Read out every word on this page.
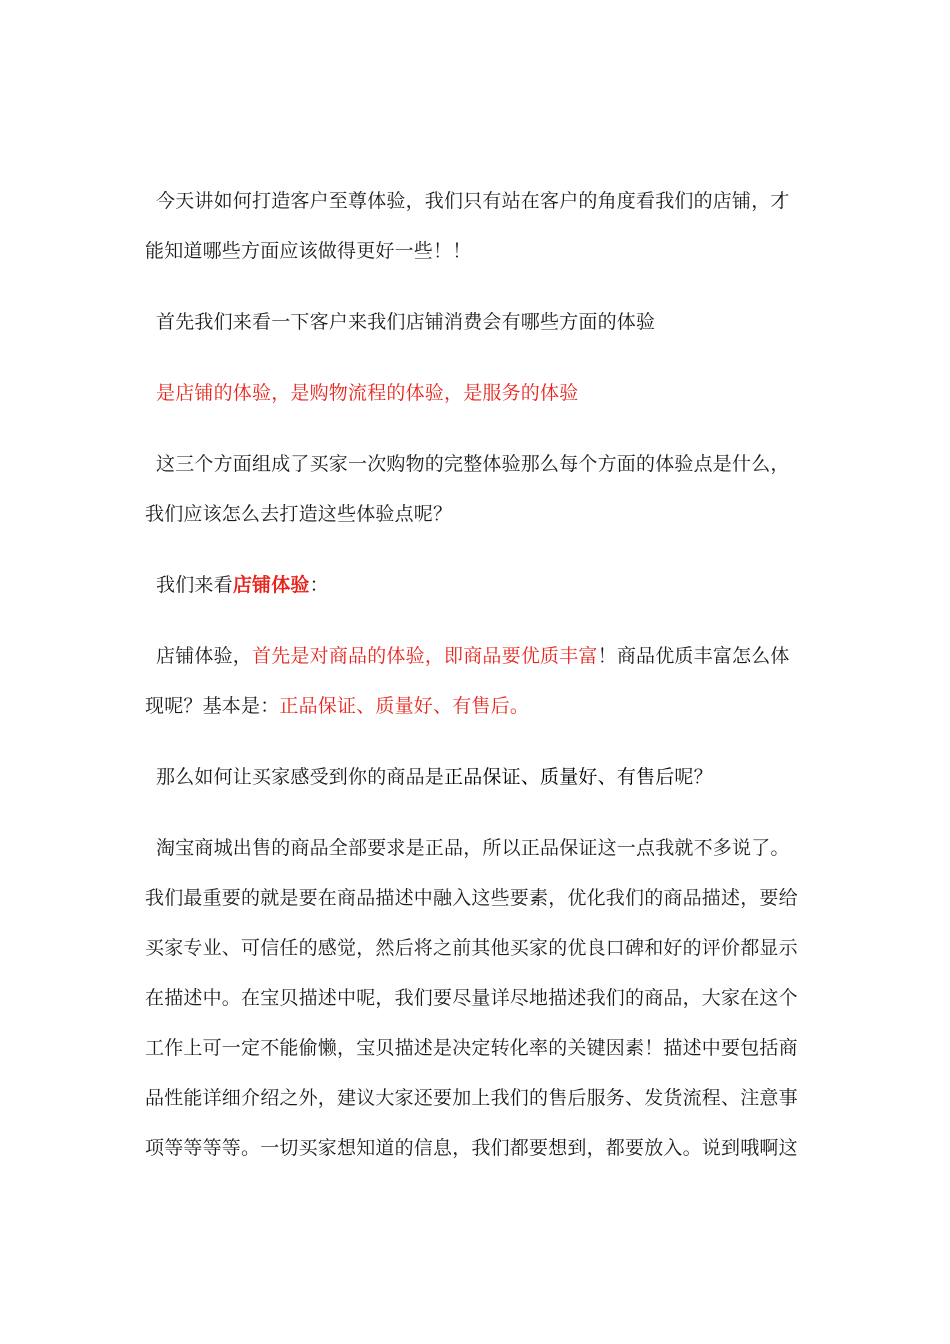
今天讲如何打造客户至尊体验，我们只有站在客户的角度看我们的店铺，才能知道哪些方面应该做得更好一些！！

首先我们来看一下客户来我们店铺消费会有哪些方面的体验

是店铺的体验，是购物流程的体验，是服务的体验

这三个方面组成了买家一次购物的完整体验那么每个方面的体验点是什么，我们应该怎么去打造这些体验点呢？

我们来看店铺体验：

店铺体验，首先是对商品的体验，即商品要优质丰富！商品优质丰富怎么体现呢？基本是：正品保证、质量好、有售后。

那么如何让买家感受到你的商品是正品保证、质量好、有售后呢？

淘宝商城出售的商品全部要求是正品，所以正品保证这一点我就不多说了。我们最重要的就是要在商品描述中融入这些要素，优化我们的商品描述，要给买家专业、可信任的感觉，然后将之前其他买家的优良口碑和好的评价都显示在描述中。在宝贝描述中呢，我们要尽量详尽地描述我们的商品，大家在这个工作上可一定不能偷懒，宝贝描述是决定转化率的关键因素！描述中要包括商品性能详细介绍之外，建议大家还要加上我们的售后服务、发货流程、注意事项等等等等。一切买家想知道的信息，我们都要想到，都要放入。说到哦啊这
